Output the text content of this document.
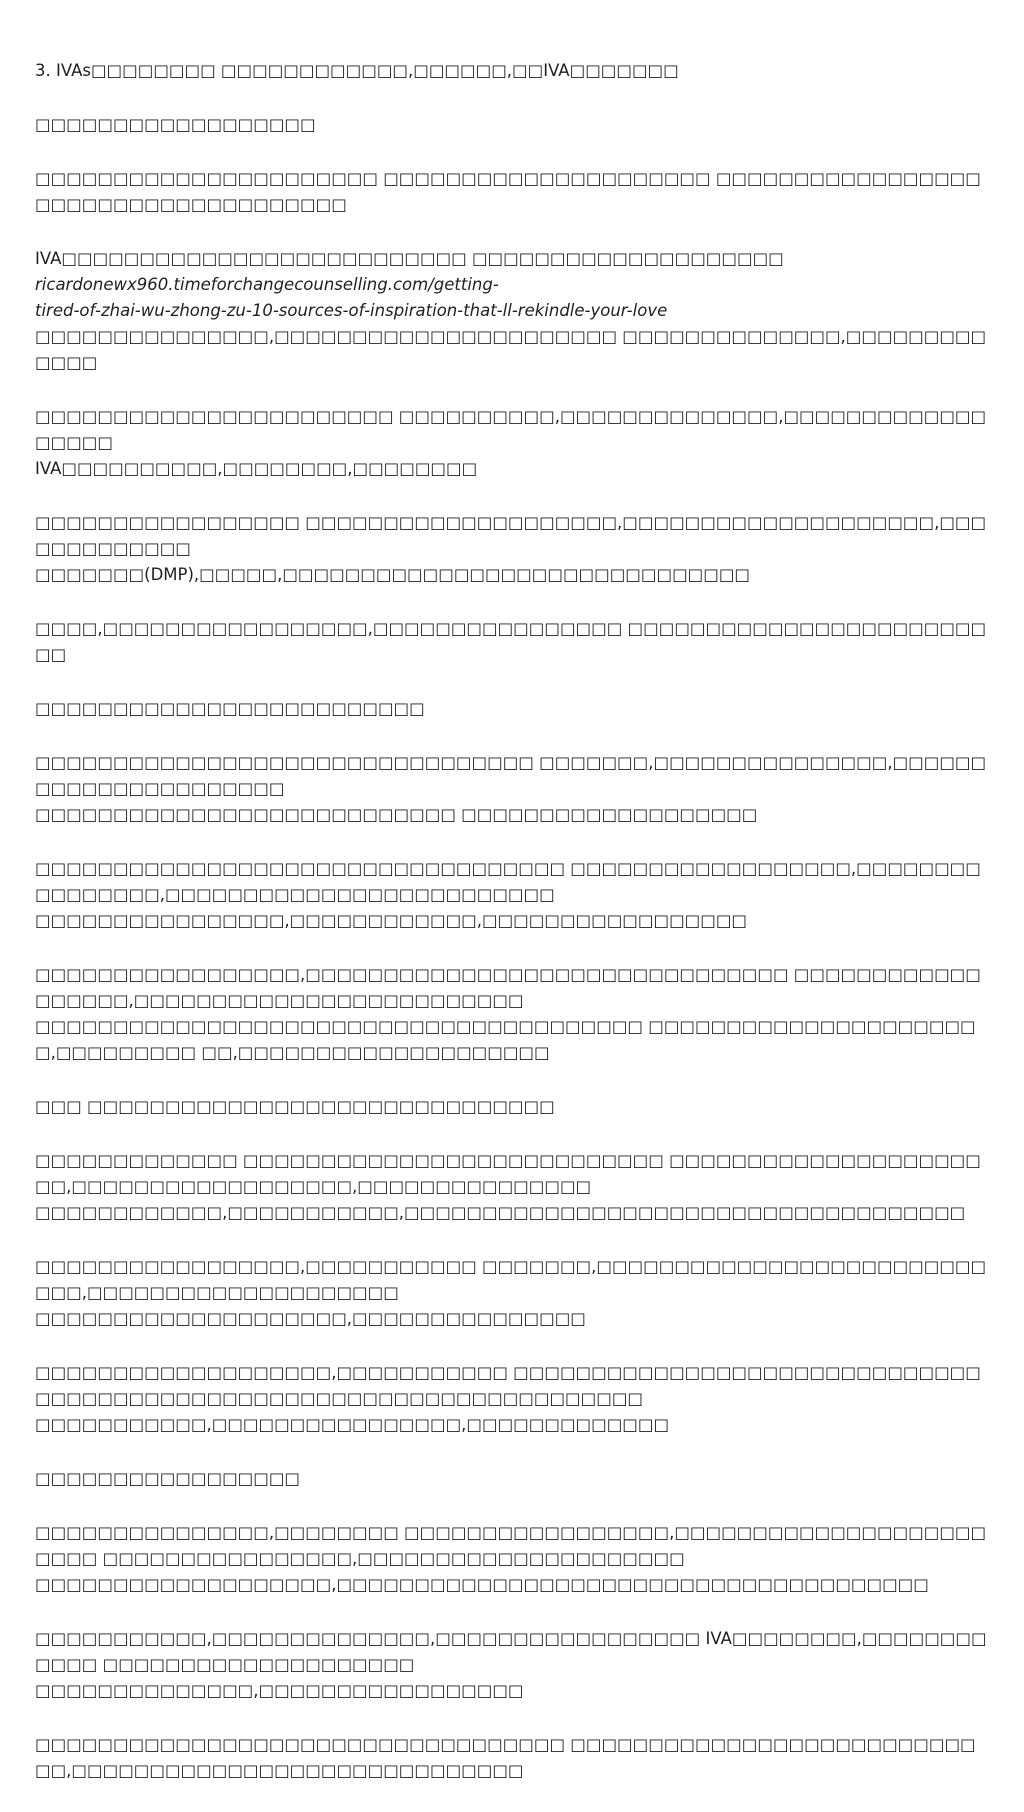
3. IVAs□□□□□□□□ □□□□□□□□□□□□,□□□□□□,□□IVA□□□□□□□

□□□□□□□□□□□□□□□□□□

□□□□□□□□□□□□□□□□□□□□□□ □□□□□□□□□□□□□□□□□□□□□ □□□□□□□□□□□□□□□□□□□□□□□□□□□□□□□□□□□□□

IVA□□□□□□□□□□□□□□□□□□□□□□□□□□ □□□□□□□□□□□□□□□□□□□□ ricardonewx960.timeforchangecounselling.com/getting-
tired-of-zhai-wu-zhong-zu-10-sources-of-inspiration-that-ll-rekindle-your-love
□□□□□□□□□□□□□□□,□□□□□□□□□□□□□□□□□□□□□□ □□□□□□□□□□□□□□,□□□□□□□□□□□□□

□□□□□□□□□□□□□□□□□□□□□□□ □□□□□□□□□□,□□□□□□□□□□□□□□,□□□□□□□□□□□□□□□□□□
IVA□□□□□□□□□□,□□□□□□□□,□□□□□□□□

□□□□□□□□□□□□□□□□□ □□□□□□□□□□□□□□□□□□□□,□□□□□□□□□□□□□□□□□□□□,□□□□□□□□□□□□□
□□□□□□□(DMP),□□□□□,□□□□□□□□□□□□□□□□□□□□□□□□□□□□□□

□□□□,□□□□□□□□□□□□□□□□□,□□□□□□□□□□□□□□□□ □□□□□□□□□□□□□□□□□□□□□□□□□

□□□□□□□□□□□□□□□□□□□□□□□□□

□□□□□□□□□□□□□□□□□□□□□□□□□□□□□□□□ □□□□□□□,□□□□□□□□□□□□□□□,□□□□□□□□□□□□□□□□□□□□□□
□□□□□□□□□□□□□□□□□□□□□□□□□□□ □□□□□□□□□□□□□□□□□□□

□□□□□□□□□□□□□□□□□□□□□□□□□□□□□□□□□□ □□□□□□□□□□□□□□□□□□,□□□□□□□□□□□□□□□□,□□□□□□□□□□□□□□□□□□□□□□□□□
□□□□□□□□□□□□□□□□,□□□□□□□□□□□□,□□□□□□□□□□□□□□□□□

□□□□□□□□□□□□□□□□□,□□□□□□□□□□□□□□□□□□□□□□□□□□□□□□□ □□□□□□□□□□□□□□□□□□,□□□□□□□□□□□□□□□□□□□□□□□□□
□□□□□□□□□□□□□□□□□□□□□□□□□□□□□□□□□□□□□□□ □□□□□□□□□□□□□□□□□□□□□□,□□□□□□□□□ □□,□□□□□□□□□□□□□□□□□□□□

□□□ □□□□□□□□□□□□□□□□□□□□□□□□□□□□□□

□□□□□□□□□□□□□ □□□□□□□□□□□□□□□□□□□□□□□□□□□ □□□□□□□□□□□□□□□□□□□□□□,□□□□□□□□□□□□□□□□□□,□□□□□□□□□□□□□□□
□□□□□□□□□□□□,□□□□□□□□□□□,□□□□□□□□□□□□□□□□□□□□□□□□□□□□□□□□□□□□

□□□□□□□□□□□□□□□□□,□□□□□□□□□□□ □□□□□□□,□□□□□□□□□□□□□□□□□□□□□□□□□□□□,□□□□□□□□□□□□□□□□□□□□
□□□□□□□□□□□□□□□□□□□□,□□□□□□□□□□□□□□□

□□□□□□□□□□□□□□□□□□□,□□□□□□□□□□□ □□□□□□□□□□□□□□□□□□□□□□□□□□□□□□□□□□□□□□□□□□□□□□□□□□□□□□□□□□□□□□□□□□□□□
□□□□□□□□□□□,□□□□□□□□□□□□□□□□,□□□□□□□□□□□□□

□□□□□□□□□□□□□□□□□

□□□□□□□□□□□□□□□,□□□□□□□□ □□□□□□□□□□□□□□□□□,□□□□□□□□□□□□□□□□□□□□□□□□ □□□□□□□□□□□□□□□□,□□□□□□□□□□□□□□□□□□□□□
□□□□□□□□□□□□□□□□□□□,□□□□□□□□□□□□□□□□□□□□□□□□□□□□□□□□□□□□□□

□□□□□□□□□□□,□□□□□□□□□□□□□□,□□□□□□□□□□□□□□□□□ IVA□□□□□□□□,□□□□□□□□□□□□ □□□□□□□□□□□□□□□□□□□□
□□□□□□□□□□□□□□,□□□□□□□□□□□□□□□□□

□□□□□□□□□□□□□□□□□□□□□□□□□□□□□□□□□□ □□□□□□□□□□□□□□□□□□□□□□□□□□□□,□□□□□□□□□□□□□□□□□□□□□□□□□□□□□
